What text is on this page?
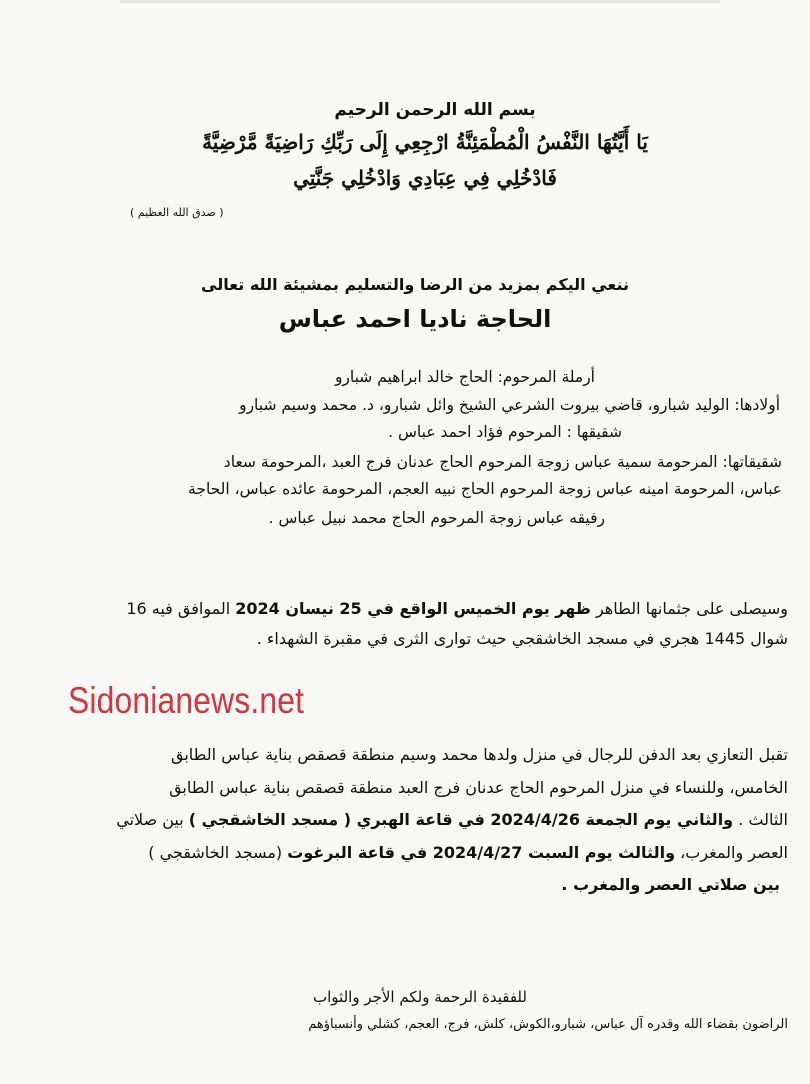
بسم الله الرحمن الرحيم
يَا أَيَّتُهَا النَّفْسُ الْمُطْمَئِنَّةُ ارْجِعِي إِلَى رَبِّكِ رَاضِيَةً مَّرْضِيَّةً
فَادْخُلِي فِي عِبَادِي وَادْخُلِي جَنَّتِي
( صدق الله العظيم )
ننعي اليكم بمزيد من الرضا والتسليم بمشيئة الله تعالى
الحاجة ناديا احمد عباس
أرملة المرحوم: الحاج خالد ابراهيم شبارو
أولادها: الوليد شبارو، قاضي بيروت الشرعي الشيخ وائل شبارو، د. محمد وسيم شبارو
شقيقها : المرحوم فؤاد احمد عباس .
شقيقاتها: المرحومة سمية عباس زوجة المرحوم الحاج عدنان فرج العبد ،المرحومة سعاد
عباس، المرحومة امينه عباس زوجة المرحوم الحاج نبيه العجم، المرحومة عائده عباس، الحاجة
رفيقه عباس زوجة المرحوم الحاج محمد نبيل عباس .
وسيصلى على جثمانها الطاهر ظهر يوم الخميس الواقع في 25 نيسان 2024 الموافق فيه 16
شوال 1445 هجري في مسجد الخاشقجي حيث توارى الثرى في مقبرة الشهداء .
Sidonianews.net
تقبل التعازي بعد الدفن للرجال في منزل ولدها محمد وسيم منطقة قصقص بناية عباس الطابق
الخامس، وللنساء في منزل المرحوم الحاج عدنان فرج العبد منطقة قصقص بناية عباس الطابق
الثالث . والثاني يوم الجمعة 2024/4/26 في قاعة الهبري ( مسجد الخاشقجي ) بين صلاتي
العصر والمغرب، والثالث يوم السبت 2024/4/27 في قاعة البرغوت (مسجد الخاشقجي )
بين صلاتي العصر والمغرب .
للفقيدة الرحمة ولكم الأجر والثواب
الراضون بقضاء الله وقدره آل عباس، شبارو،الكوش، كلش، فرج، العجم، كشلي وأنسباؤهم
